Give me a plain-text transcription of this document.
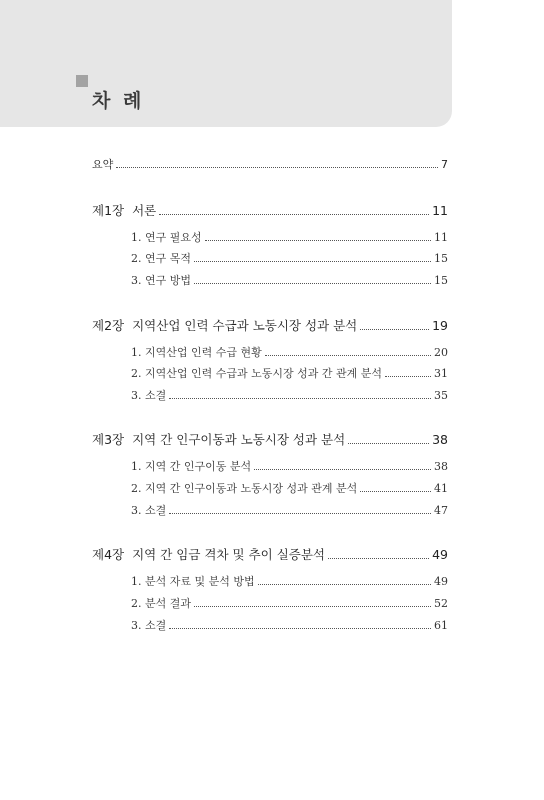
차 례
요약	7
제1장 서론	11
1. 연구 필요성	11
2. 연구 목적	15
3. 연구 방법	15
제2장 지역산업 인력 수급과 노동시장 성과 분석	19
1. 지역산업 인력 수급 현황	20
2. 지역산업 인력 수급과 노동시장 성과 간 관계 분석	31
3. 소결	35
제3장 지역 간 인구이동과 노동시장 성과 분석	38
1. 지역 간 인구이동 분석	38
2. 지역 간 인구이동과 노동시장 성과 관계 분석	41
3. 소결	47
제4장 지역 간 임금 격차 및 추이 실증분석	49
1. 분석 자료 및 분석 방법	49
2. 분석 결과	52
3. 소결	61
